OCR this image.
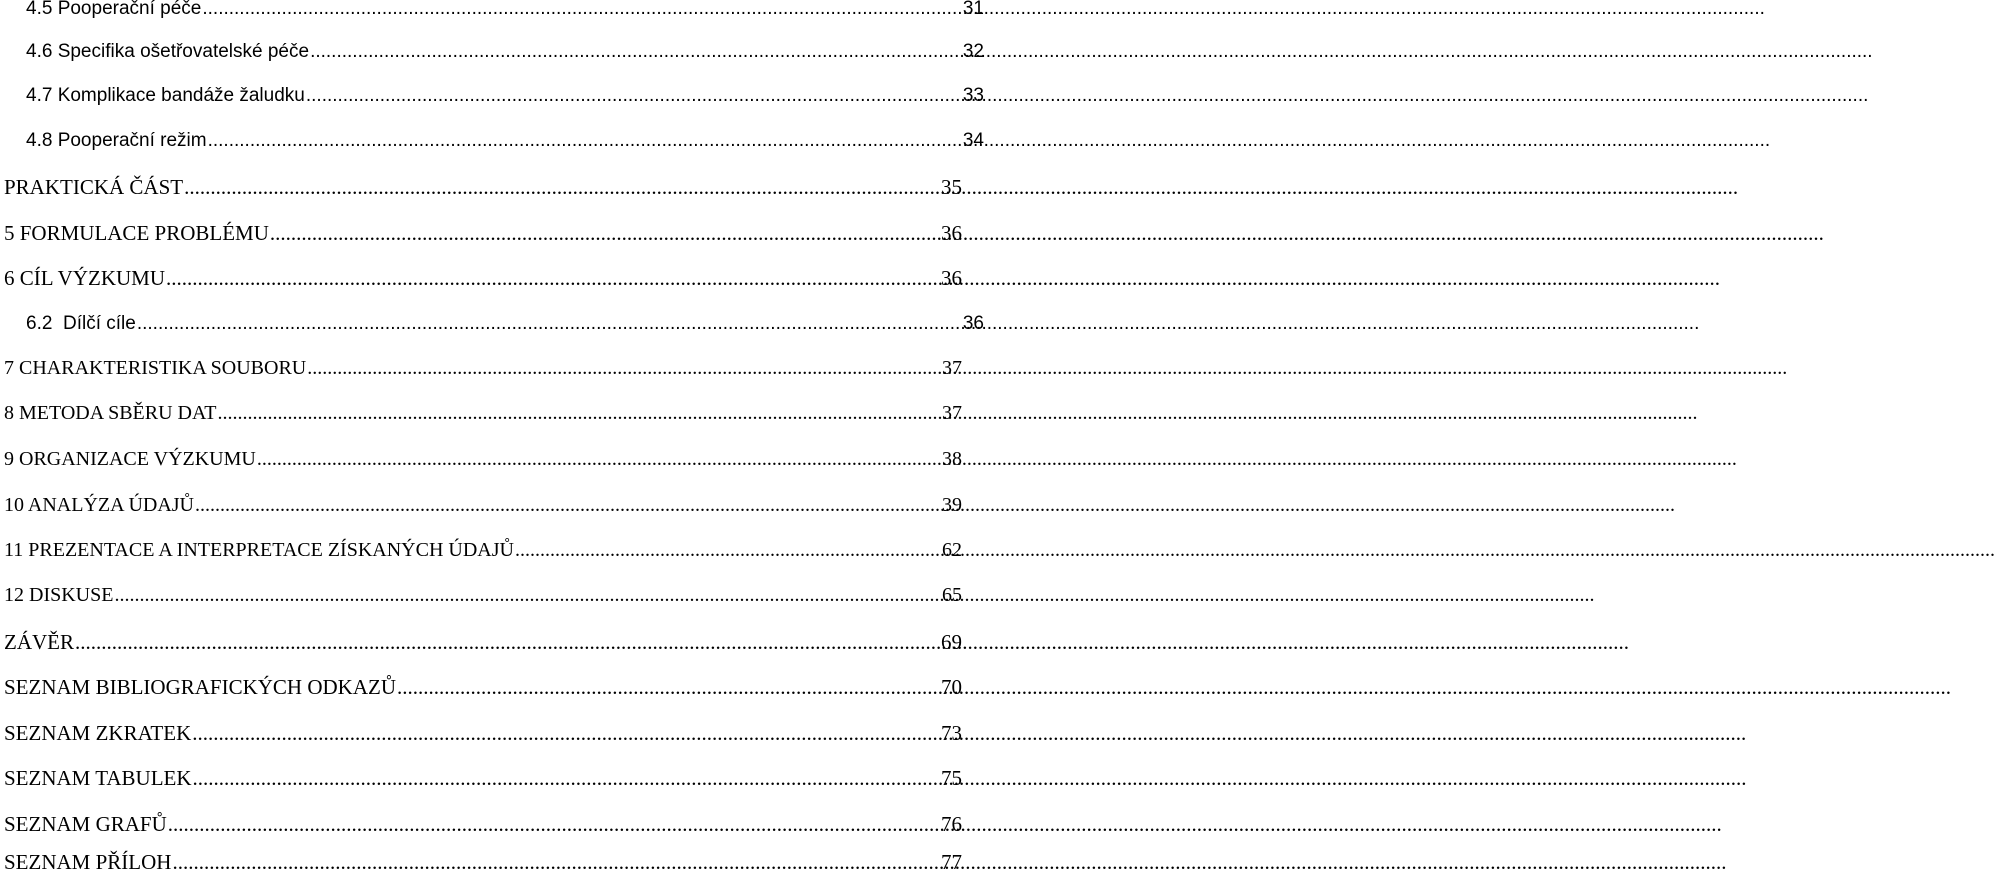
4.5 Pooperační péče .....	31
4.6 Specifika ošetřovatelské péče .....	32
4.7 Komplikace bandáže žaludku .....	33
4.8 Pooperační režim .....	34
PRAKTICKÁ ČÁST .....	35
5 FORMULACE PROBLÉMU .....	36
6 CÍL VÝZKUMU .....	36
6.2  Dílčí cíle .....	36
7 CHARAKTERISTIKA SOUBORU .....	37
8 METODA SBĚRU DAT .....	37
9 ORGANIZACE VÝZKUMU .....	38
10 ANALÝZA ÚDAJŮ .....	39
11 PREZENTACE A INTERPRETACE ZÍSKANÝCH ÚDAJŮ .....	62
12 DISKUSE .....	65
ZÁVĚR .....	69
SEZNAM BIBLIOGRAFICKÝCH ODKAZŮ .....	70
SEZNAM ZKRATEK .....	73
SEZNAM TABULEK .....	75
SEZNAM GRAFŮ .....	76
SEZNAM PŘÍLOH .....	77
